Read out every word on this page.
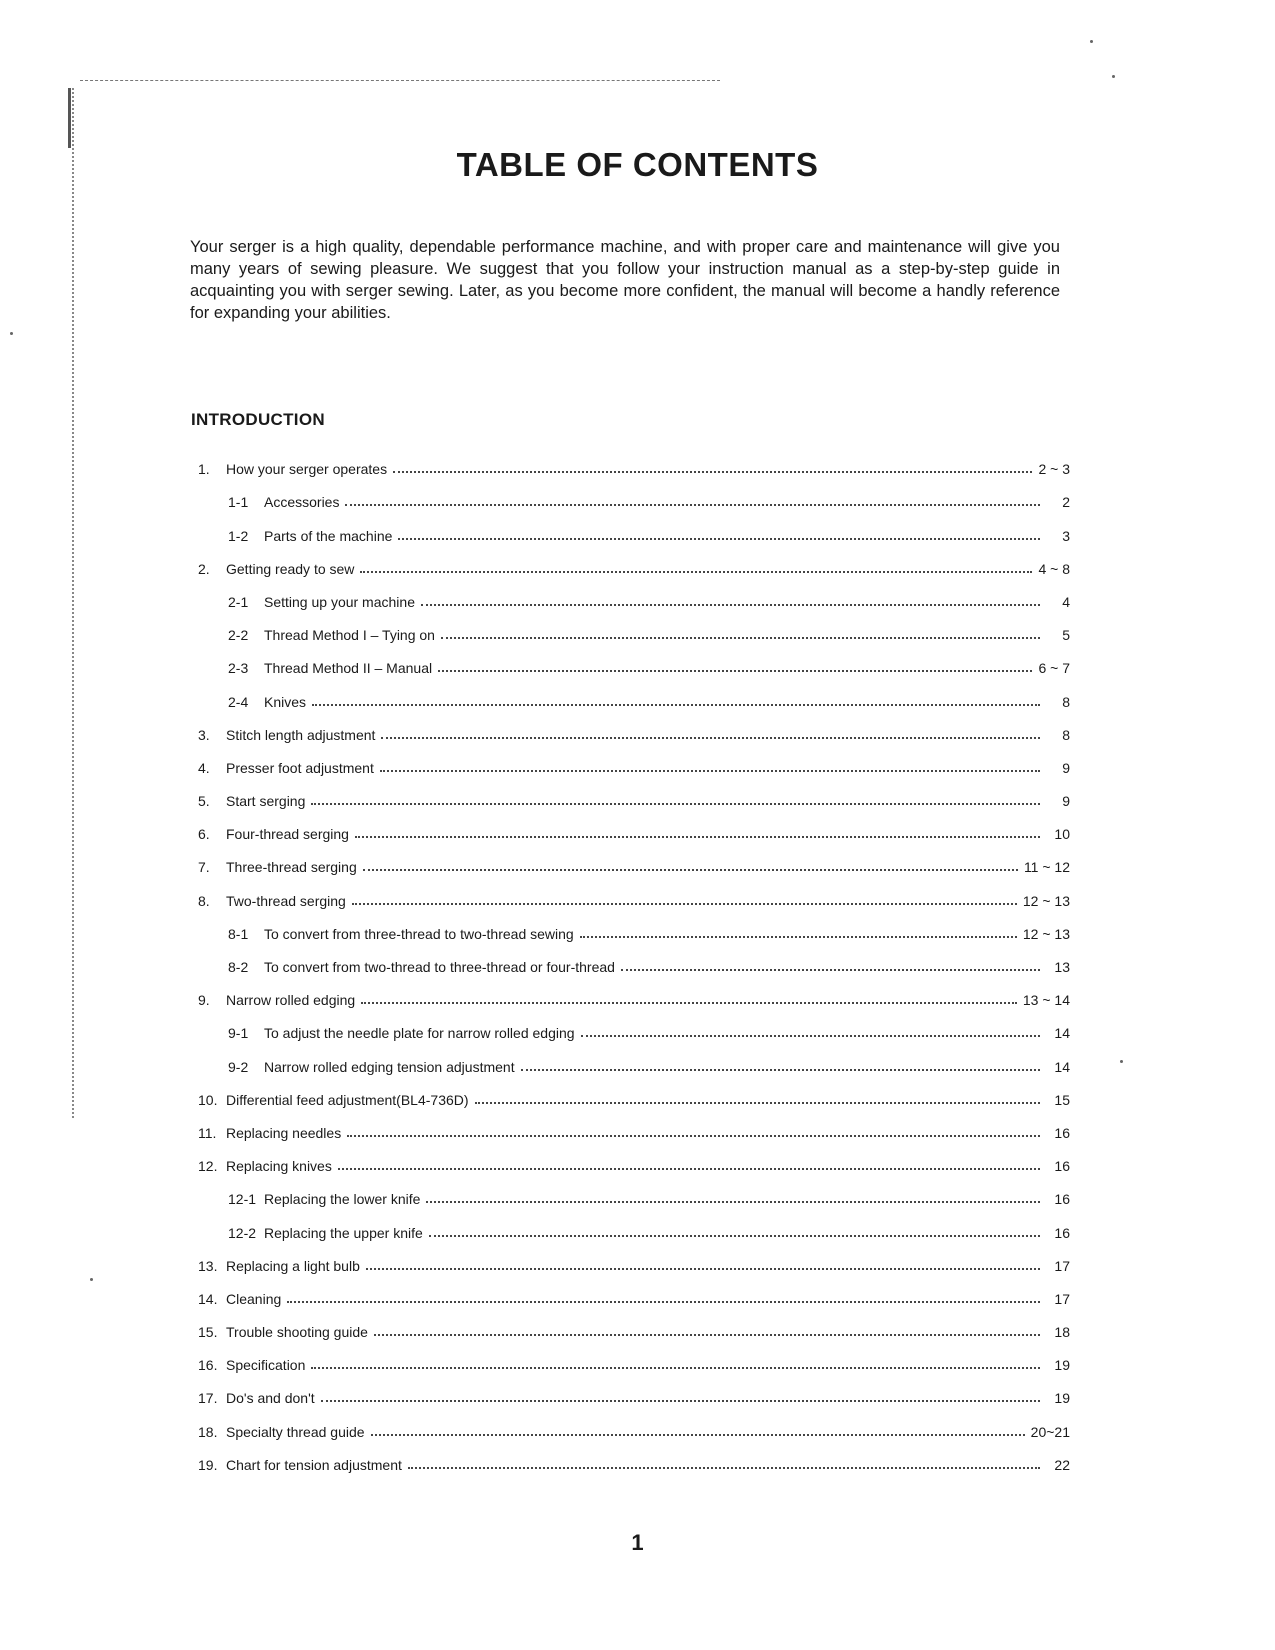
TABLE OF CONTENTS

Your serger is a high quality, dependable performance machine, and with proper care and maintenance will give you many years of sewing pleasure. We suggest that you follow your instruction manual as a step-by-step guide in acquainting you with serger sewing. Later, as you become more confident, the manual will become a handly reference for expanding your abilities.

INTRODUCTION
1.	How your serger operates	2 ~ 3
1-1	Accessories	2
1-2	Parts of the machine	3
2.	Getting ready to sew	4 ~ 8
2-1	Setting up your machine	4
2-2	Thread Method I – Tying on	5
2-3	Thread Method II – Manual	6 ~ 7
2-4	Knives	8
3.	Stitch length adjustment	8
4.	Presser foot adjustment	9
5.	Start serging	9
6.	Four-thread serging	10
7.	Three-thread serging	11 ~ 12
8.	Two-thread serging	12 ~ 13
8-1	To convert from three-thread to two-thread sewing	12 ~ 13
8-2	To convert from two-thread to three-thread or four-thread	13
9.	Narrow rolled edging	13 ~ 14
9-1	To adjust the needle plate for narrow rolled edging	14
9-2	Narrow rolled edging tension adjustment	14
10. Differential feed adjustment(BL4-736D)	15
11. Replacing needles	16
12. Replacing knives	16
12-1 Replacing the lower knife	16
12-2 Replacing the upper knife	16
13. Replacing a light bulb	17
14. Cleaning	17
15. Trouble shooting guide	18
16. Specification	19
17. Do's and don't	19
18. Specialty thread guide	20~21
19. Chart for tension adjustment	22
1
